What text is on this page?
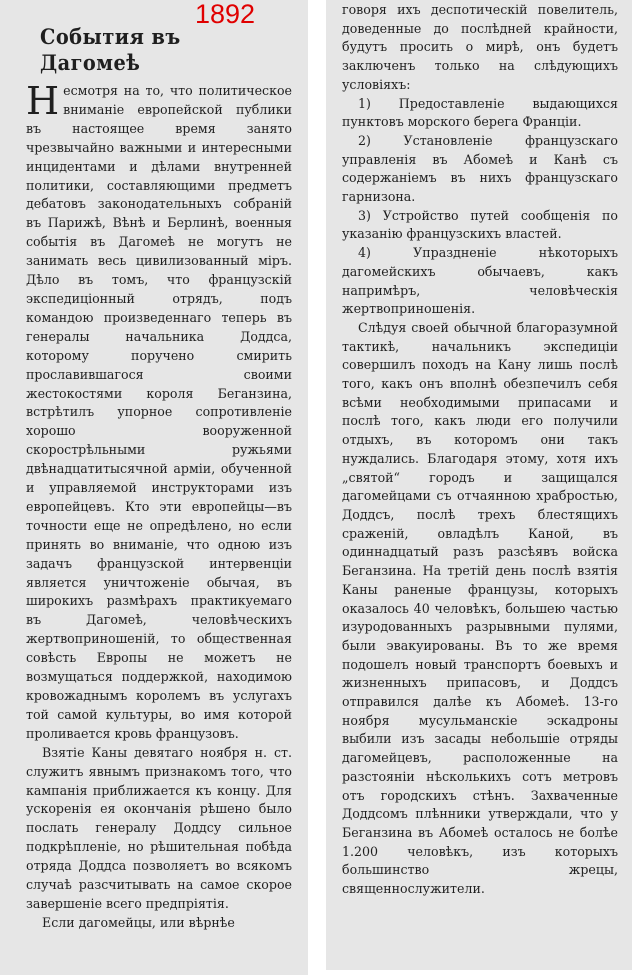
1892
События въ Дагомеѣ

Несмотря на то, что политическое вниманіе европейской публики въ настоящее время занято чрезвычайно важными и интересными инцидентами и дѣлами внутренней политики, составляющими предметъ дебатовъ законодательныхъ собраній въ Парижѣ, Вѣнѣ и Берлинѣ, военныя событія въ Дагомеѣ не могутъ не занимать весь цивилизованный міръ. Дѣло въ томъ, что французскій экспедиціонный отрядъ, подъ командою произведеннаго теперь въ генералы начальника Доддса, которому поручено смирить прославившагося своими жестокостями короля Беганзина, встрѣтилъ упорное сопротивленіе хорошо вооруженной скорострѣльными ружьями двѣнадцатитысячной арміи, обученной и управляемой инструкторами изъ европейцевъ. Кто эти европейцы—въ точности еще не опредѣлено, но если принять во вниманіе, что одною изъ задачъ французской интервенціи является уничтоженіе обычая, въ широкихъ размѣрахъ практикуемаго въ Дагомеѣ, человѣческихъ жертвоприношеній, то общественная совѣсть Европы не можетъ не возмущаться поддержкой, находимою кровожаднымъ королемъ въ услугахъ той самой культуры, во имя которой проливается кровь французовъ.

Взятіе Каны девятаго ноября н. ст. служитъ явнымъ признакомъ того, что кампанія приближается къ концу. Для ускоренія ея окончанія рѣшено было послать генералу Доддсу сильное подкрѣпленіе, но рѣшительная побѣда отряда Доддса позволяетъ во всякомъ случаѣ разсчитывать на самое скорое завершеніе всего предпріятія.

Если дагомейцы, или вѣрнѣе

говоря ихъ деспотическій повелитель, доведенные до послѣдней крайности, будутъ просить о мирѣ, онъ будетъ заключенъ только на слѣдующихъ условіяхъ:

1) Предоставленіе выдающихся пунктовъ морского берега Франціи.

2) Установленіе французскаго управленія въ Абомеѣ и Канѣ съ содержаніемъ въ нихъ французскаго гарнизона.

3) Устройство путей сообщенія по указанію французскихъ властей.

4) Упраздненіе нѣкоторыхъ дагомейскихъ обычаевъ, какъ напримѣръ, человѣческія жертвоприношенія.

Слѣдуя своей обычной благоразумной тактикѣ, начальникъ экспедиціи совершилъ походъ на Кану лишь послѣ того, какъ онъ вполнѣ обезпечилъ себя всѣми необходимыми припасами и послѣ того, какъ люди его получили отдыхъ, въ которомъ они такъ нуждались. Благодаря этому, хотя ихъ „святой“ городъ и защищался дагомейцами съ отчаянною храбростью, Доддсъ, послѣ трехъ блестящихъ сраженій, овладѣлъ Каной, въ одиннадцатый разъ разсѣявъ войска Беганзина. На третій день послѣ взятія Каны раненые французы, которыхъ оказалось 40 человѣкъ, большею частью изуродованныхъ разрывными пулями, были эвакуированы. Въ то же время подошелъ новый транспортъ боевыхъ и жизненныхъ припасовъ, и Доддсъ отправился далѣе къ Абомеѣ. 13-го ноября мусульманскіе эскадроны выбили изъ засады небольшіе отряды дагомейцевъ, расположенные на разстояніи нѣсколькихъ сотъ метровъ отъ городскихъ стѣнъ. Захваченные Доддсомъ плѣнники утверждали, что у Беганзина въ Абомеѣ осталось не болѣе 1.200 человѣкъ, изъ которыхъ большинство жрецы, священнослужители.
